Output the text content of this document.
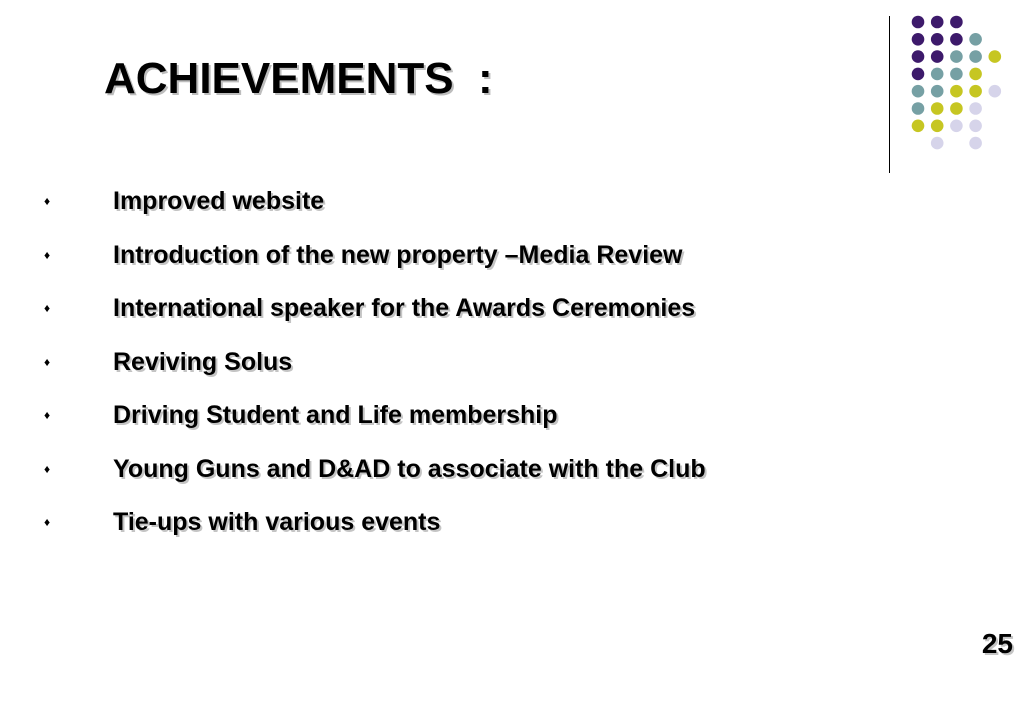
ACHIEVEMENTS  :
♦	Improved website
♦	Introduction of the new property –Media Review
♦	International speaker for the Awards Ceremonies
♦	Reviving Solus
♦	Driving Student and Life membership
♦	Young Guns and D&AD to associate with the Club
♦	Tie-ups with various events
25
